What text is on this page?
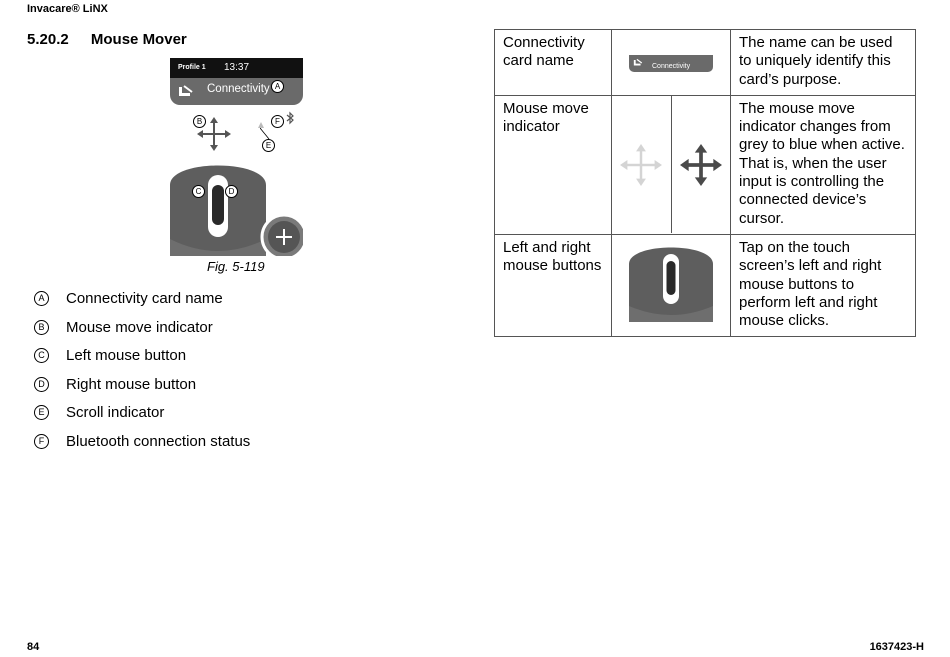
Invacare® LiNX
5.20.2 Mouse Mover
Profile 1 13:37
Connectivity A
B
E
F
C	D
Fig. 5-119
A	Connectivity card name
B	Mouse move indicator
C Left mouse button
D Right mouse button
E	Scroll indicator
F	Bluetooth connection status
Connectivity card name	Connectivity	The name can be used to uniquely identify this card’s purpose.
Mouse move indicator		The mouse move indicator changes from grey to blue when active. That is, when the user input is controlling the connected device’s cursor.
Left and right mouse buttons		Tap on the touch screen’s left and right mouse buttons to perform left and right mouse clicks.
84	1637423-H
